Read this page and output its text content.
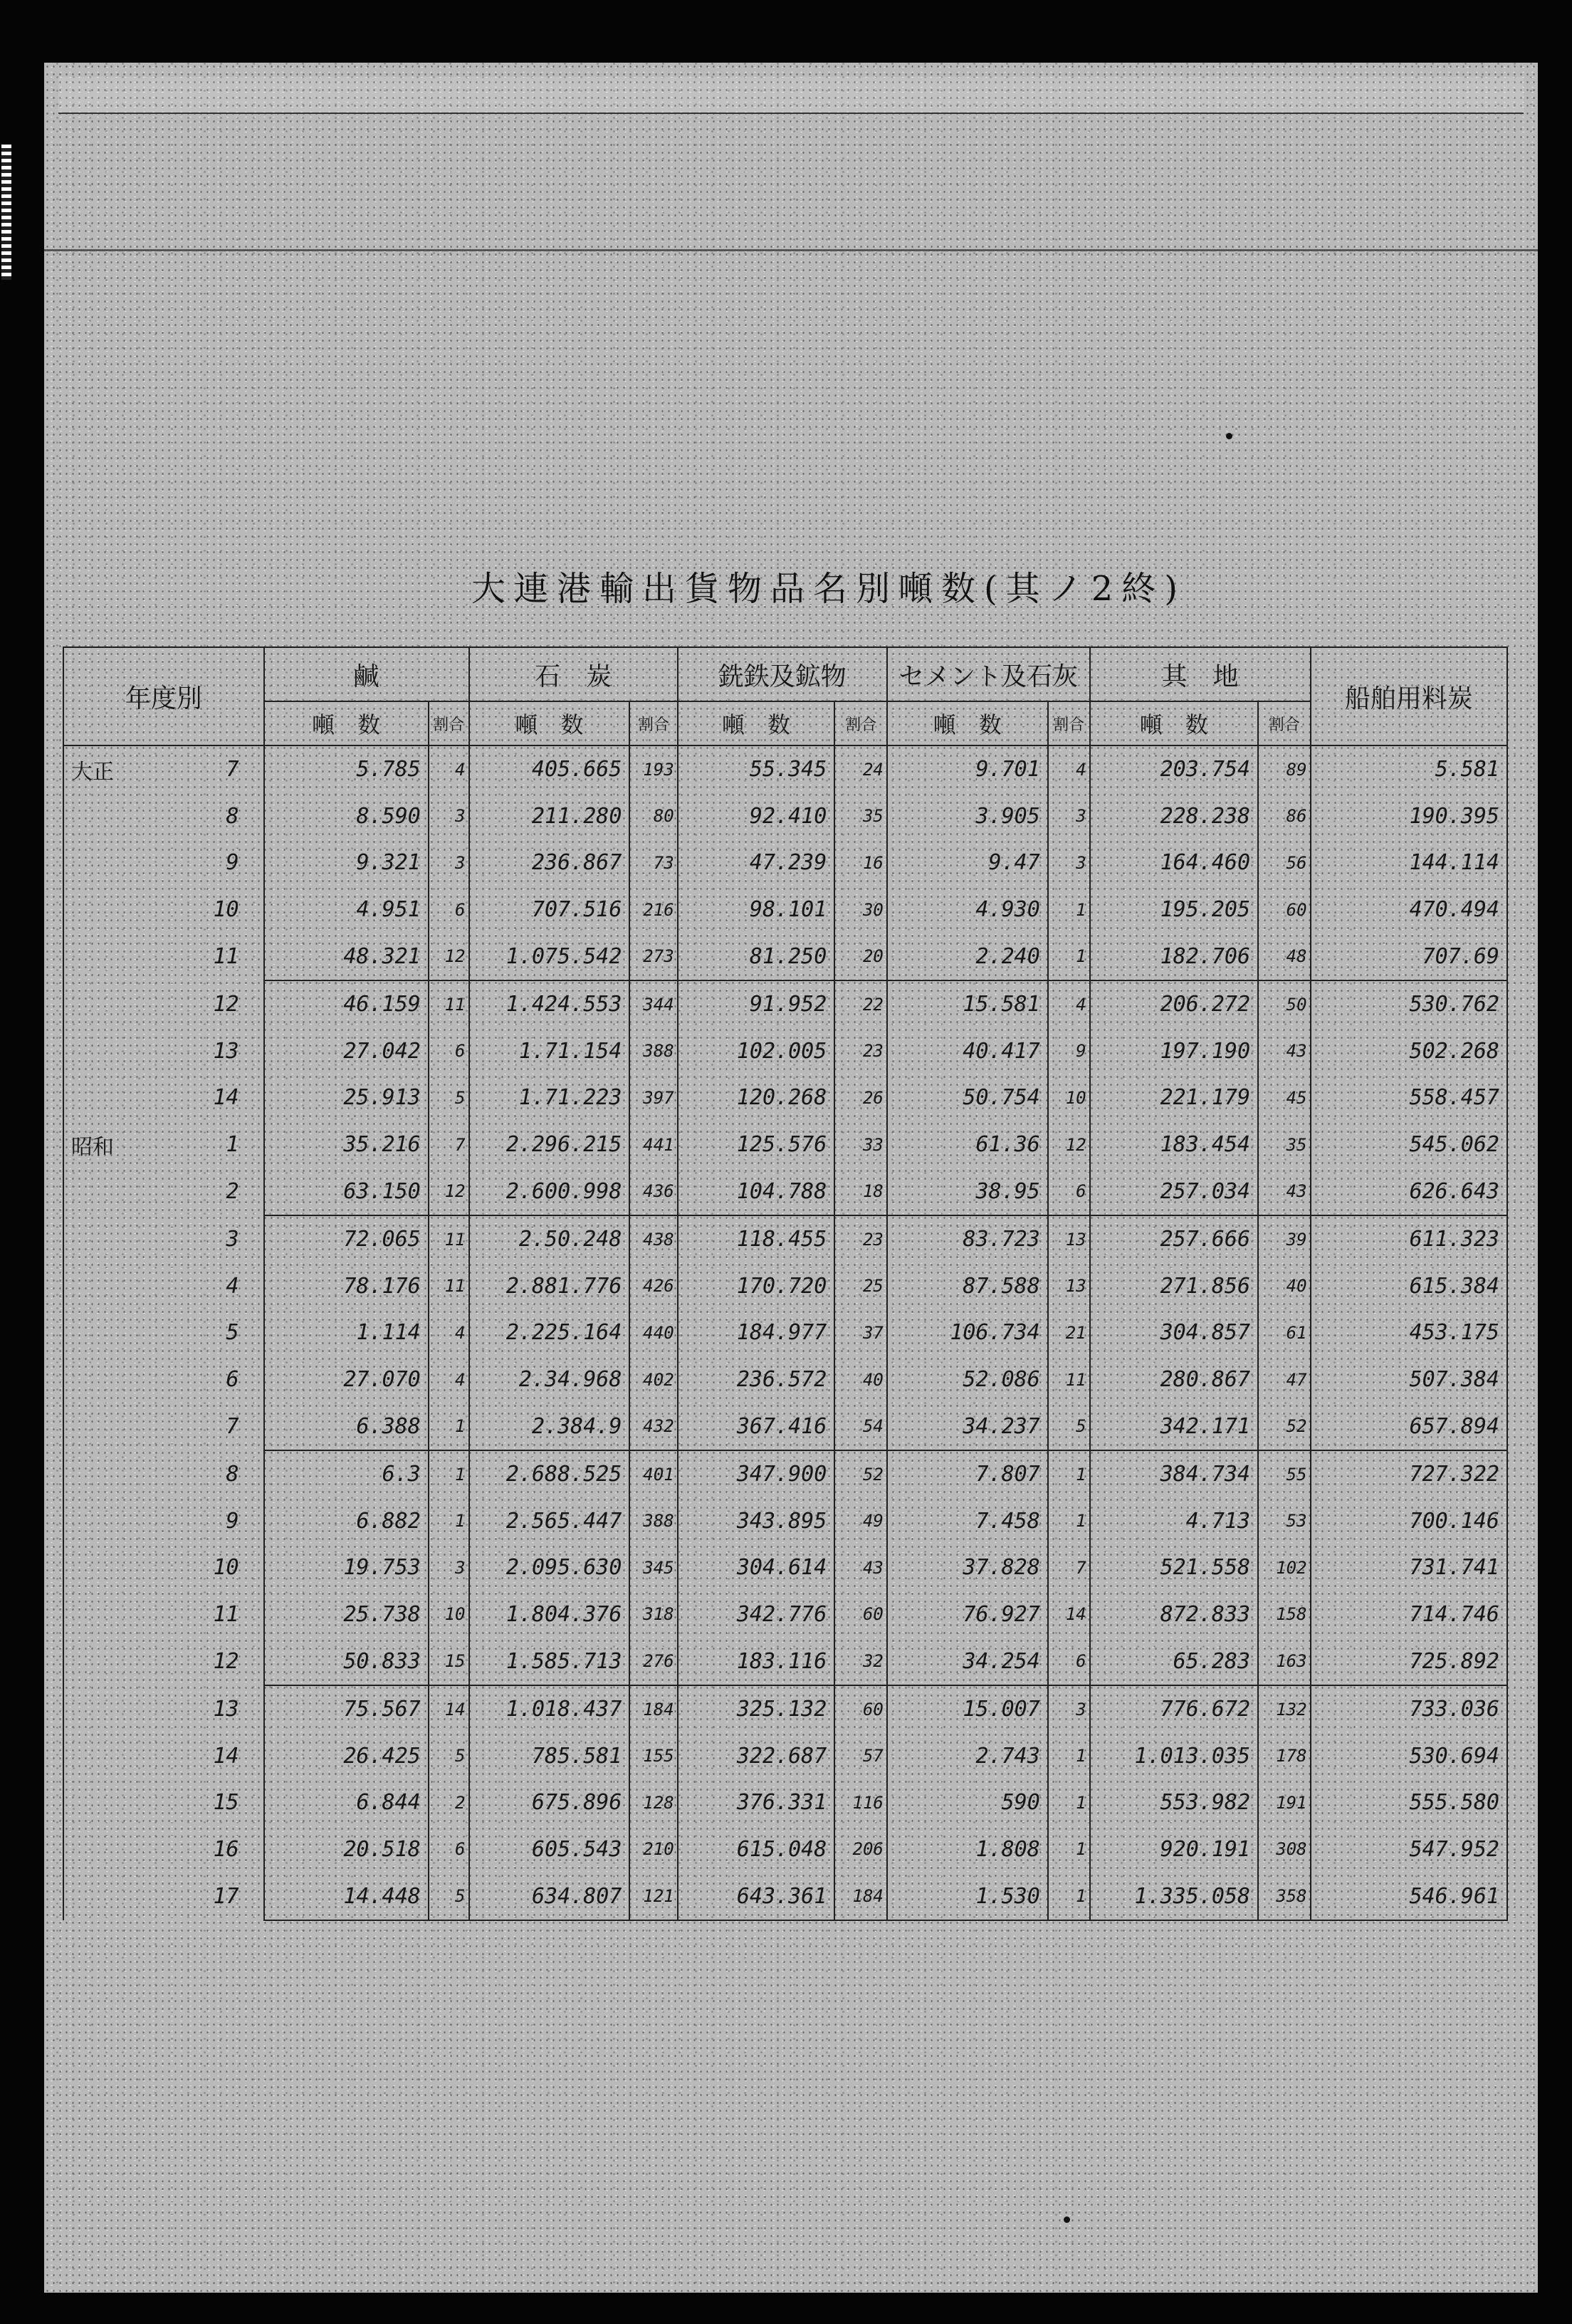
大連港輸出貨物品名別噸数(其ノ2終)
年度別	鹹		石　炭		銑鉄及鉱物		セメント及石灰		其　地		船舶用料炭
	噸　数	割合	噸　数	割合	噸　数	割合	噸　数	割合	噸　数	割合	

大正 7	5.785	4	405.665	193	55.345	24	9.701	4	203.754	89	5.581

8	8.590	3	211.280	80	92.410	35	3.905	3	228.238	86	190.395

9	9.321	3	236.867	73	47.239	16	9.47	3	164.460	56	144.114

10	4.951	6	707.516	216	98.101	30	4.930	1	195.205	60	470.494

11	48.321	12	1.075.542	273	81.250	20	2.240	1	182.706	48	707.69

12	46.159	11	1.424.553	344	91.952	22	15.581	4	206.272	50	530.762

13	27.042	6	1.71.154	388	102.005	23	40.417	9	197.190	43	502.268

14	25.913	5	1.71.223	397	120.268	26	50.754	10	221.179	45	558.457

昭和 1	35.216	7	2.296.215	441	125.576	33	61.36	12	183.454	35	545.062

2	63.150	12	2.600.998	436	104.788	18	38.95	6	257.034	43	626.643

3	72.065	11	2.50.248	438	118.455	23	83.723	13	257.666	39	611.323

4	78.176	11	2.881.776	426	170.720	25	87.588	13	271.856	40	615.384

5	1.114	4	2.225.164	440	184.977	37	106.734	21	304.857	61	453.175

6	27.070	4	2.34.968	402	236.572	40	52.086	11	280.867	47	507.384

7	6.388	1	2.384.9	432	367.416	54	34.237	5	342.171	52	657.894

8	6.3	1	2.688.525	401	347.900	52	7.807	1	384.734	55	727.322

9	6.882	1	2.565.447	388	343.895	49	7.458	1	4.713	53	700.146

10	19.753	3	2.095.630	345	304.614	43	37.828	7	521.558	102	731.741

11	25.738	10	1.804.376	318	342.776	60	76.927	14	872.833	158	714.746

12	50.833	15	1.585.713	276	183.116	32	34.254	6	65.283	163	725.892

13	75.567	14	1.018.437	184	325.132	60	15.007	3	776.672	132	733.036

14	26.425	5	785.581	155	322.687	57	2.743	1	1.013.035	178	530.694

15	6.844	2	675.896	128	376.331	116	590	1	553.982	191	555.580

16	20.518	6	605.543	210	615.048	206	1.808	1	920.191	308	547.952

17	14.448	5	634.807	121	643.361	184	1.530	1	1.335.058	358	546.961
